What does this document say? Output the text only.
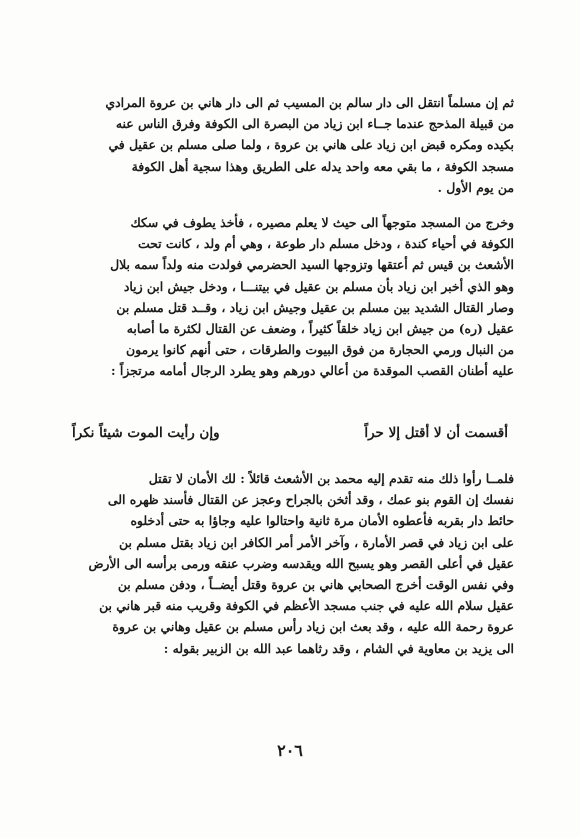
ثم إن مسلماً انتقل الى دار سالم بن المسيب ثم الى دار هاني بن عروة المرادي
من قبيلة المذحج عندما جــاء ابن زياد من البصرة الى الكوفة وفرق الناس عنه
بكيده ومكره قبض ابن زياد على هاني بن عروة ، ولما صلى مسلم بن عقيل في
مسجد الكوفة ، ما بقي معه واحد يدله على الطريق وهذا سجية أهل الكوفة
من يوم الأول .
وخرج من المسجد متوجهاً الى حيث لا يعلم مصيره ، فأخذ يطوف في سكك
الكوفة في أحياء كندة ، ودخل مسلم دار طوعة ، وهي أم ولد ، كانت تحت
الأشعث بن قيس ثم أعتقها وتزوجها السيد الحضرمي فولدت منه ولداً سمه بلال
وهو الذي أخبر ابن زياد بأن مسلم بن عقيل في بيتنـــا ، ودخل جيش ابن زياد
وصار القتال الشديد بين مسلم بن عقيل وجيش ابن زياد ، وقــد قتل مسلم بن
عقيل (ره) من جيش ابن زياد خلقاً كثيراً ، وضعف عن القتال لكثرة ما أصابه
من النبال ورمي الحجارة من فوق البيوت والطرقات ، حتى أنهم كانوا يرمون
عليه أطنان القصب الموقدة من أعالي دورهم وهو يطرد الرجال أمامه مرتجزاً :
أقسمت أن لا أقتل إلا حراً
وإن رأيت الموت شيئاً نكراً
فلمــا رأوا ذلك منه تقدم إليه محمد بن الأشعث قائلاً : لك الأمان لا تقتل
نفسك إن القوم بنو عمك ، وقد أثخن بالجراح وعجز عن القتال فأسند ظهره الى
حائط دار بقربه فأعطوه الأمان مرة ثانية واحتالوا عليه وجاؤا به حتى أدخلوه
على ابن زياد في قصر الأمارة ، وآخر الأمر أمر الكافر ابن زياد بقتل مسلم بن
عقيل في أعلى القصر وهو يسبح الله ويقدسه وضرب عنقه ورمى برأسه الى الأرض
وفي نفس الوقت أخرج الصحابي هاني بن عروة وقتل أيضــاً ، ودفن مسلم بن
عقيل سلام الله عليه في جنب مسجد الأعظم في الكوفة وقريب منه قبر هاني بن
عروة رحمة الله عليه ، وقد بعث ابن زياد رأس مسلم بن عقيل وهاني بن عروة
الى يزيد بن معاوية في الشام ، وقد رثاهما عبد الله بن الزبير بقوله :
٢٠٦
